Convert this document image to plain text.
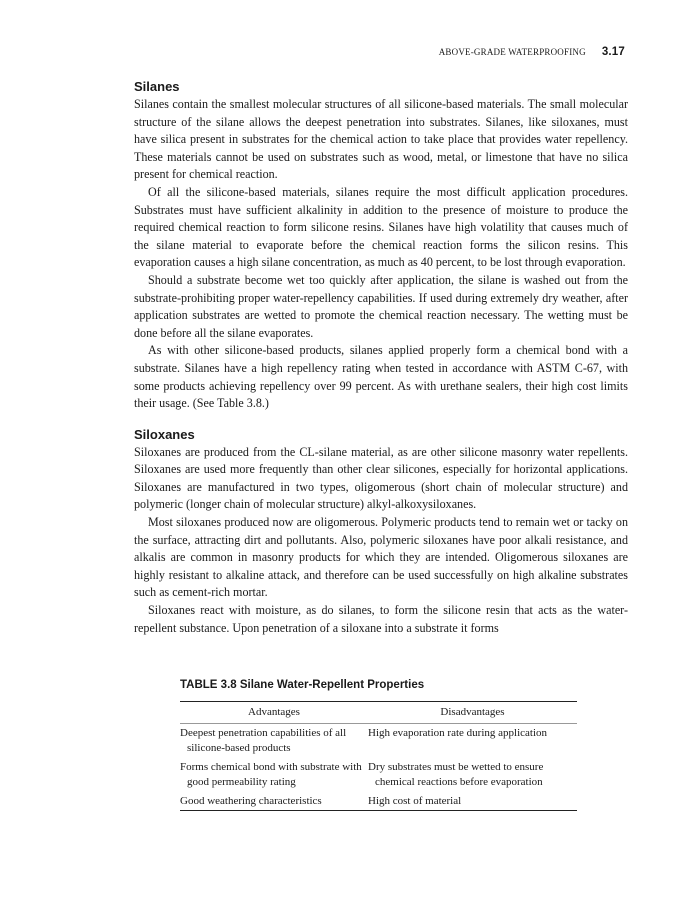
ABOVE-GRADE WATERPROOFING 3.17
Silanes

Silanes contain the smallest molecular structures of all silicone-based materials. The small molecular structure of the silane allows the deepest penetration into substrates. Silanes, like siloxanes, must have silica present in substrates for the chemical action to take place that provides water repellency. These materials cannot be used on substrates such as wood, metal, or limestone that have no silica present for chemical reaction.

Of all the silicone-based materials, silanes require the most difficult application procedures. Substrates must have sufficient alkalinity in addition to the presence of moisture to produce the required chemical reaction to form silicone resins. Silanes have high volatility that causes much of the silane material to evaporate before the chemical reaction forms the silicon resins. This evaporation causes a high silane concentration, as much as 40 percent, to be lost through evaporation.

Should a substrate become wet too quickly after application, the silane is washed out from the substrate-prohibiting proper water-repellency capabilities. If used during extremely dry weather, after application substrates are wetted to promote the chemical reaction necessary. The wetting must be done before all the silane evaporates.

As with other silicone-based products, silanes applied properly form a chemical bond with a substrate. Silanes have a high repellency rating when tested in accordance with ASTM C-67, with some products achieving repellency over 99 percent. As with urethane sealers, their high cost limits their usage. (See Table 3.8.)

Siloxanes

Siloxanes are produced from the CL-silane material, as are other silicone masonry water repellents. Siloxanes are used more frequently than other clear silicones, especially for horizontal applications. Siloxanes are manufactured in two types, oligomerous (short chain of molecular structure) and polymeric (longer chain of molecular structure) alkyl-alkoxysiloxanes.

Most siloxanes produced now are oligomerous. Polymeric products tend to remain wet or tacky on the surface, attracting dirt and pollutants. Also, polymeric siloxanes have poor alkali resistance, and alkalis are common in masonry products for which they are intended. Oligomerous siloxanes are highly resistant to alkaline attack, and therefore can be used successfully on high alkaline substrates such as cement-rich mortar.

Siloxanes react with moisture, as do silanes, to form the silicone resin that acts as the water-repellent substance. Upon penetration of a siloxane into a substrate it forms

TABLE 3.8 Silane Water-Repellent Properties
Advantages	Disadvantages

Deepest penetration capabilities of all silicone-based products	High evaporation rate during application

Forms chemical bond with substrate with good permeability rating	Dry substrates must be wetted to ensure chemical reactions before evaporation

Good weathering characteristics	High cost of material
